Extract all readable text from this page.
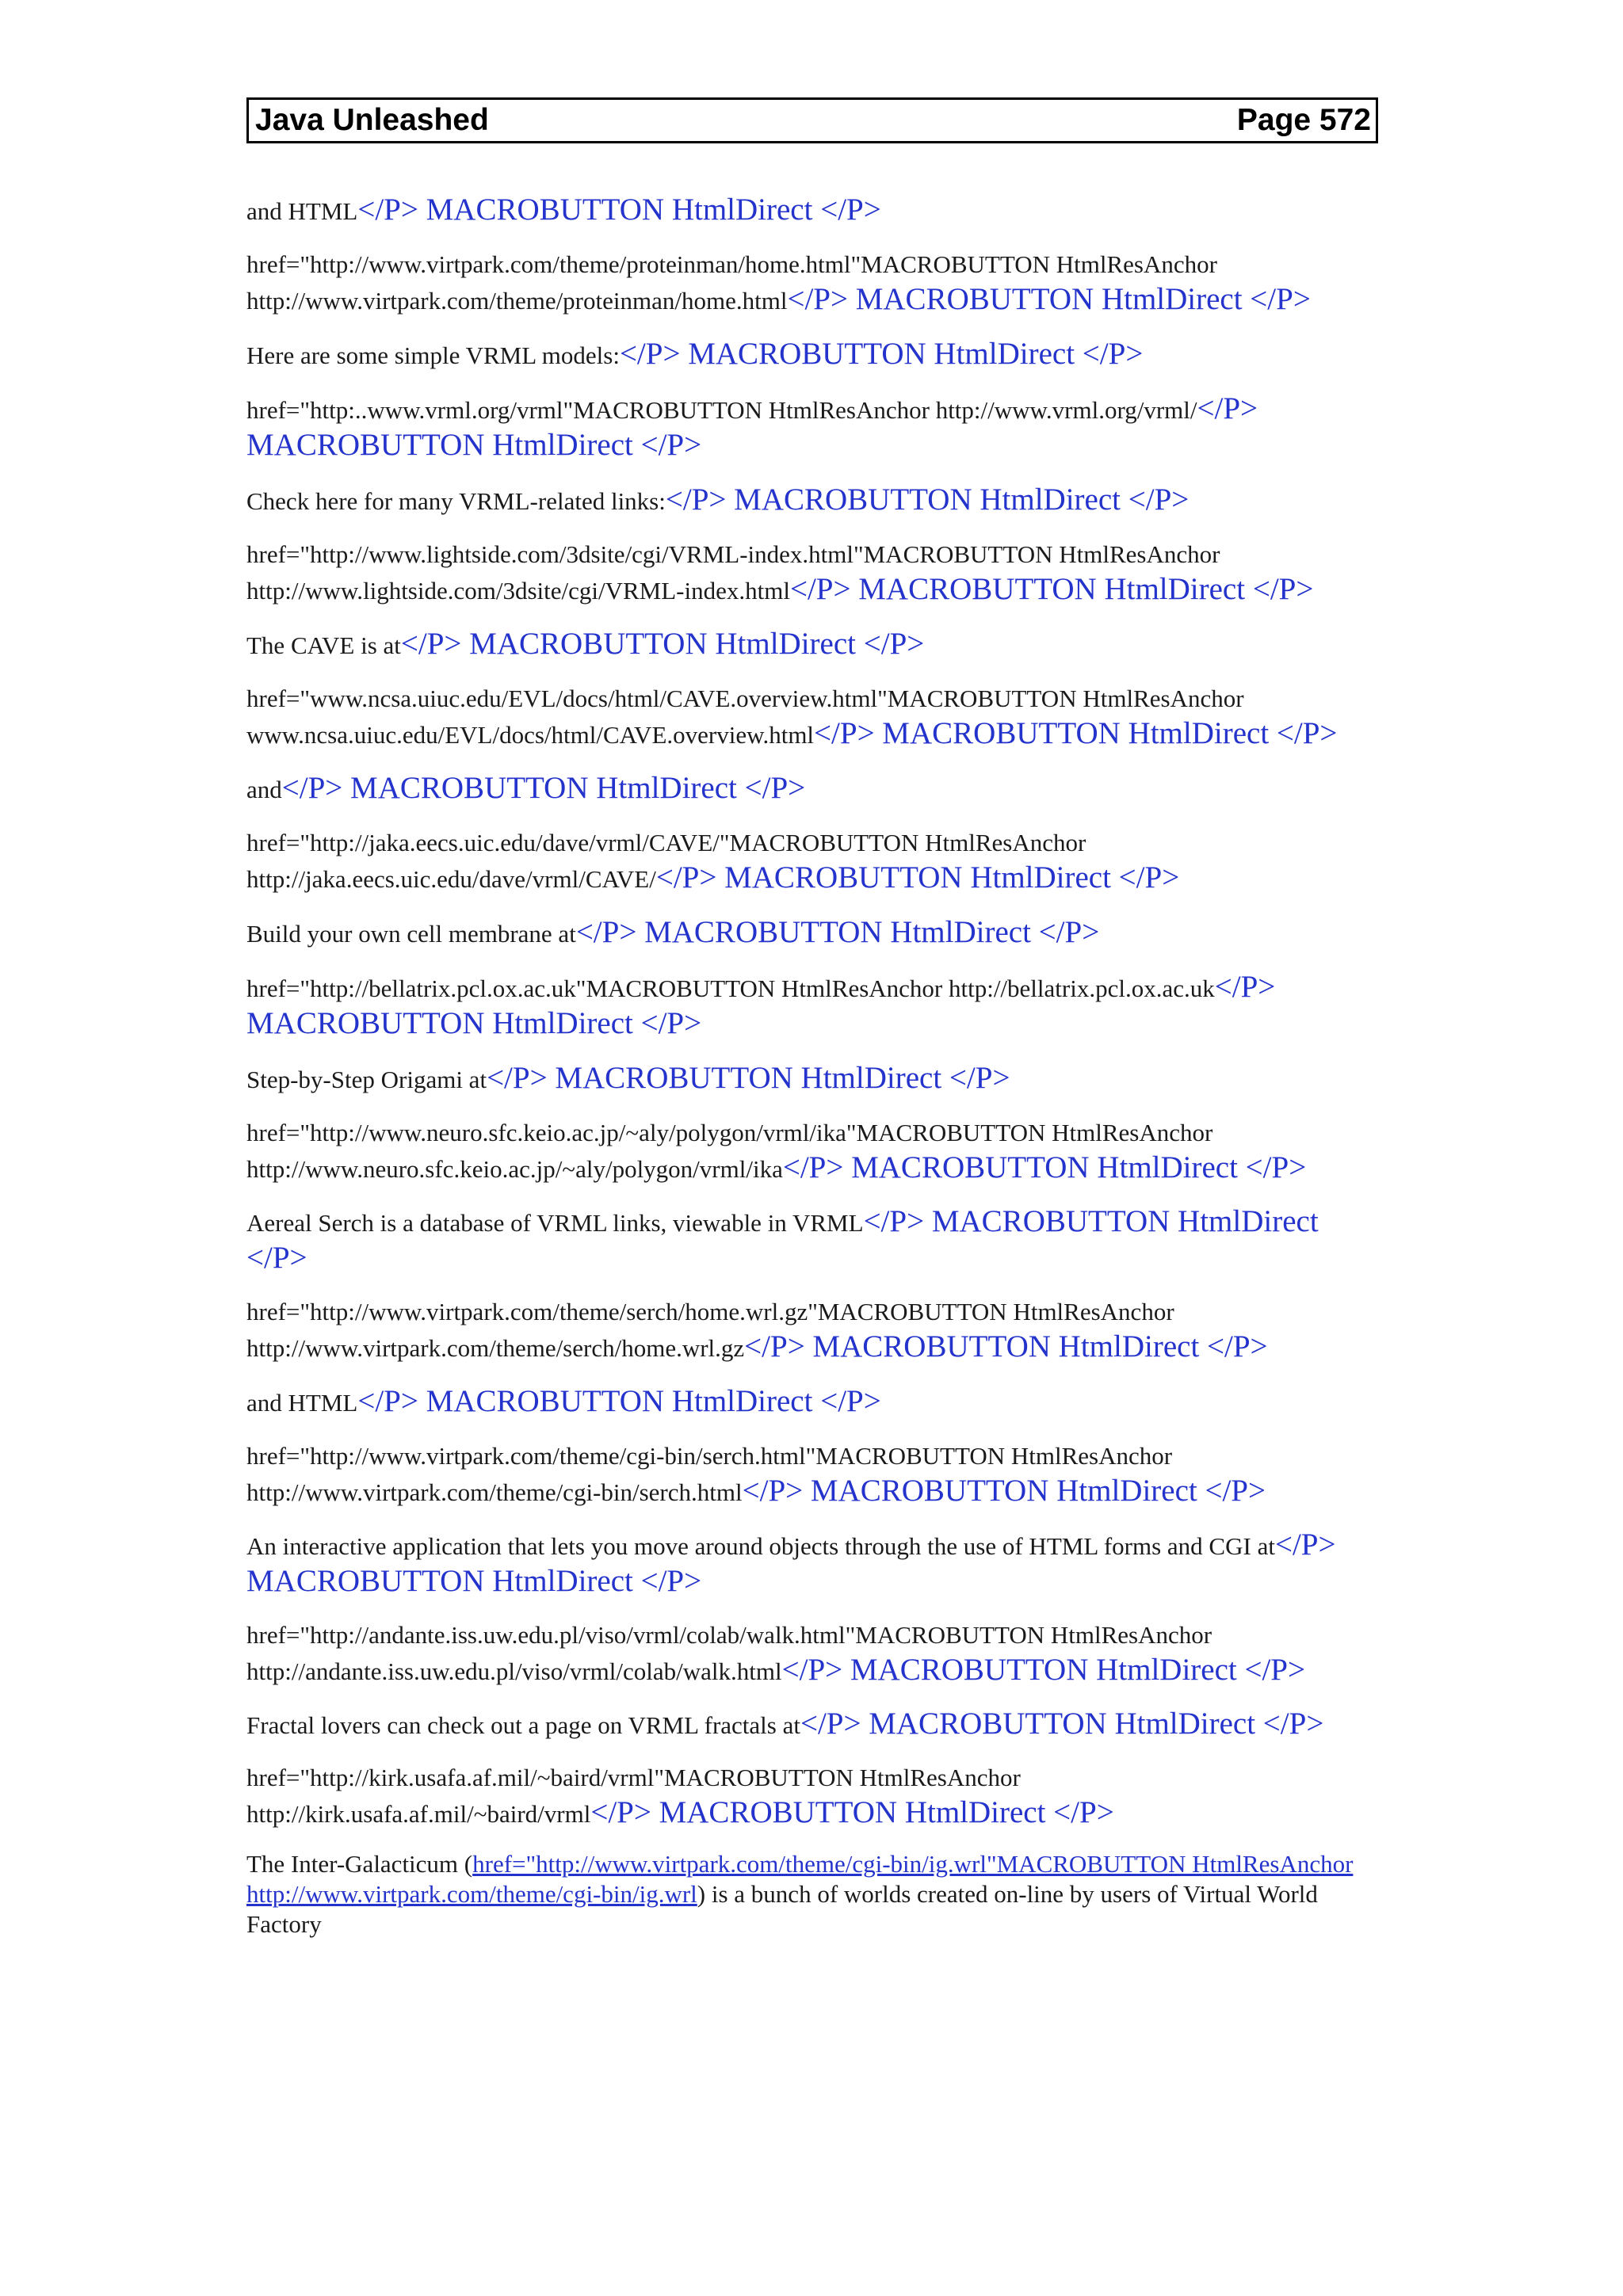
Java Unleashed	Page 572

and HTML</P> MACROBUTTON HtmlDirect </P>

href="http://www.virtpark.com/theme/proteinman/home.html"MACROBUTTON HtmlResAnchor http://www.virtpark.com/theme/proteinman/home.html</P> MACROBUTTON HtmlDirect </P>

Here are some simple VRML models:</P> MACROBUTTON HtmlDirect </P>

href="http:..www.vrml.org/vrml"MACROBUTTON HtmlResAnchor http://www.vrml.org/vrml/</P> MACROBUTTON HtmlDirect </P>

Check here for many VRML-related links:</P> MACROBUTTON HtmlDirect </P>

href="http://www.lightside.com/3dsite/cgi/VRML-index.html"MACROBUTTON HtmlResAnchor http://www.lightside.com/3dsite/cgi/VRML-index.html</P> MACROBUTTON HtmlDirect </P>

The CAVE is at</P> MACROBUTTON HtmlDirect </P>

href="www.ncsa.uiuc.edu/EVL/docs/html/CAVE.overview.html"MACROBUTTON HtmlResAnchor www.ncsa.uiuc.edu/EVL/docs/html/CAVE.overview.html</P> MACROBUTTON HtmlDirect </P>

and</P> MACROBUTTON HtmlDirect </P>

href="http://jaka.eecs.uic.edu/dave/vrml/CAVE/"MACROBUTTON HtmlResAnchor http://jaka.eecs.uic.edu/dave/vrml/CAVE/</P> MACROBUTTON HtmlDirect </P>

Build your own cell membrane at</P> MACROBUTTON HtmlDirect </P>

href="http://bellatrix.pcl.ox.ac.uk"MACROBUTTON HtmlResAnchor http://bellatrix.pcl.ox.ac.uk</P> MACROBUTTON HtmlDirect </P>

Step-by-Step Origami at</P> MACROBUTTON HtmlDirect </P>

href="http://www.neuro.sfc.keio.ac.jp/~aly/polygon/vrml/ika"MACROBUTTON HtmlResAnchor http://www.neuro.sfc.keio.ac.jp/~aly/polygon/vrml/ika</P> MACROBUTTON HtmlDirect </P>

Aereal Serch is a database of VRML links, viewable in VRML</P> MACROBUTTON HtmlDirect </P>

href="http://www.virtpark.com/theme/serch/home.wrl.gz"MACROBUTTON HtmlResAnchor http://www.virtpark.com/theme/serch/home.wrl.gz</P> MACROBUTTON HtmlDirect </P>

and HTML</P> MACROBUTTON HtmlDirect </P>

href="http://www.virtpark.com/theme/cgi-bin/serch.html"MACROBUTTON HtmlResAnchor http://www.virtpark.com/theme/cgi-bin/serch.html</P> MACROBUTTON HtmlDirect </P>

An interactive application that lets you move around objects through the use of HTML forms and CGI at</P> MACROBUTTON HtmlDirect </P>

href="http://andante.iss.uw.edu.pl/viso/vrml/colab/walk.html"MACROBUTTON HtmlResAnchor http://andante.iss.uw.edu.pl/viso/vrml/colab/walk.html</P> MACROBUTTON HtmlDirect </P>

Fractal lovers can check out a page on VRML fractals at</P> MACROBUTTON HtmlDirect </P>

href="http://kirk.usafa.af.mil/~baird/vrml"MACROBUTTON HtmlResAnchor http://kirk.usafa.af.mil/~baird/vrml</P> MACROBUTTON HtmlDirect </P>

The Inter-Galacticum (href="http://www.virtpark.com/theme/cgi-bin/ig.wrl"MACROBUTTON HtmlResAnchor http://www.virtpark.com/theme/cgi-bin/ig.wrl) is a bunch of worlds created on-line by users of Virtual World Factory
